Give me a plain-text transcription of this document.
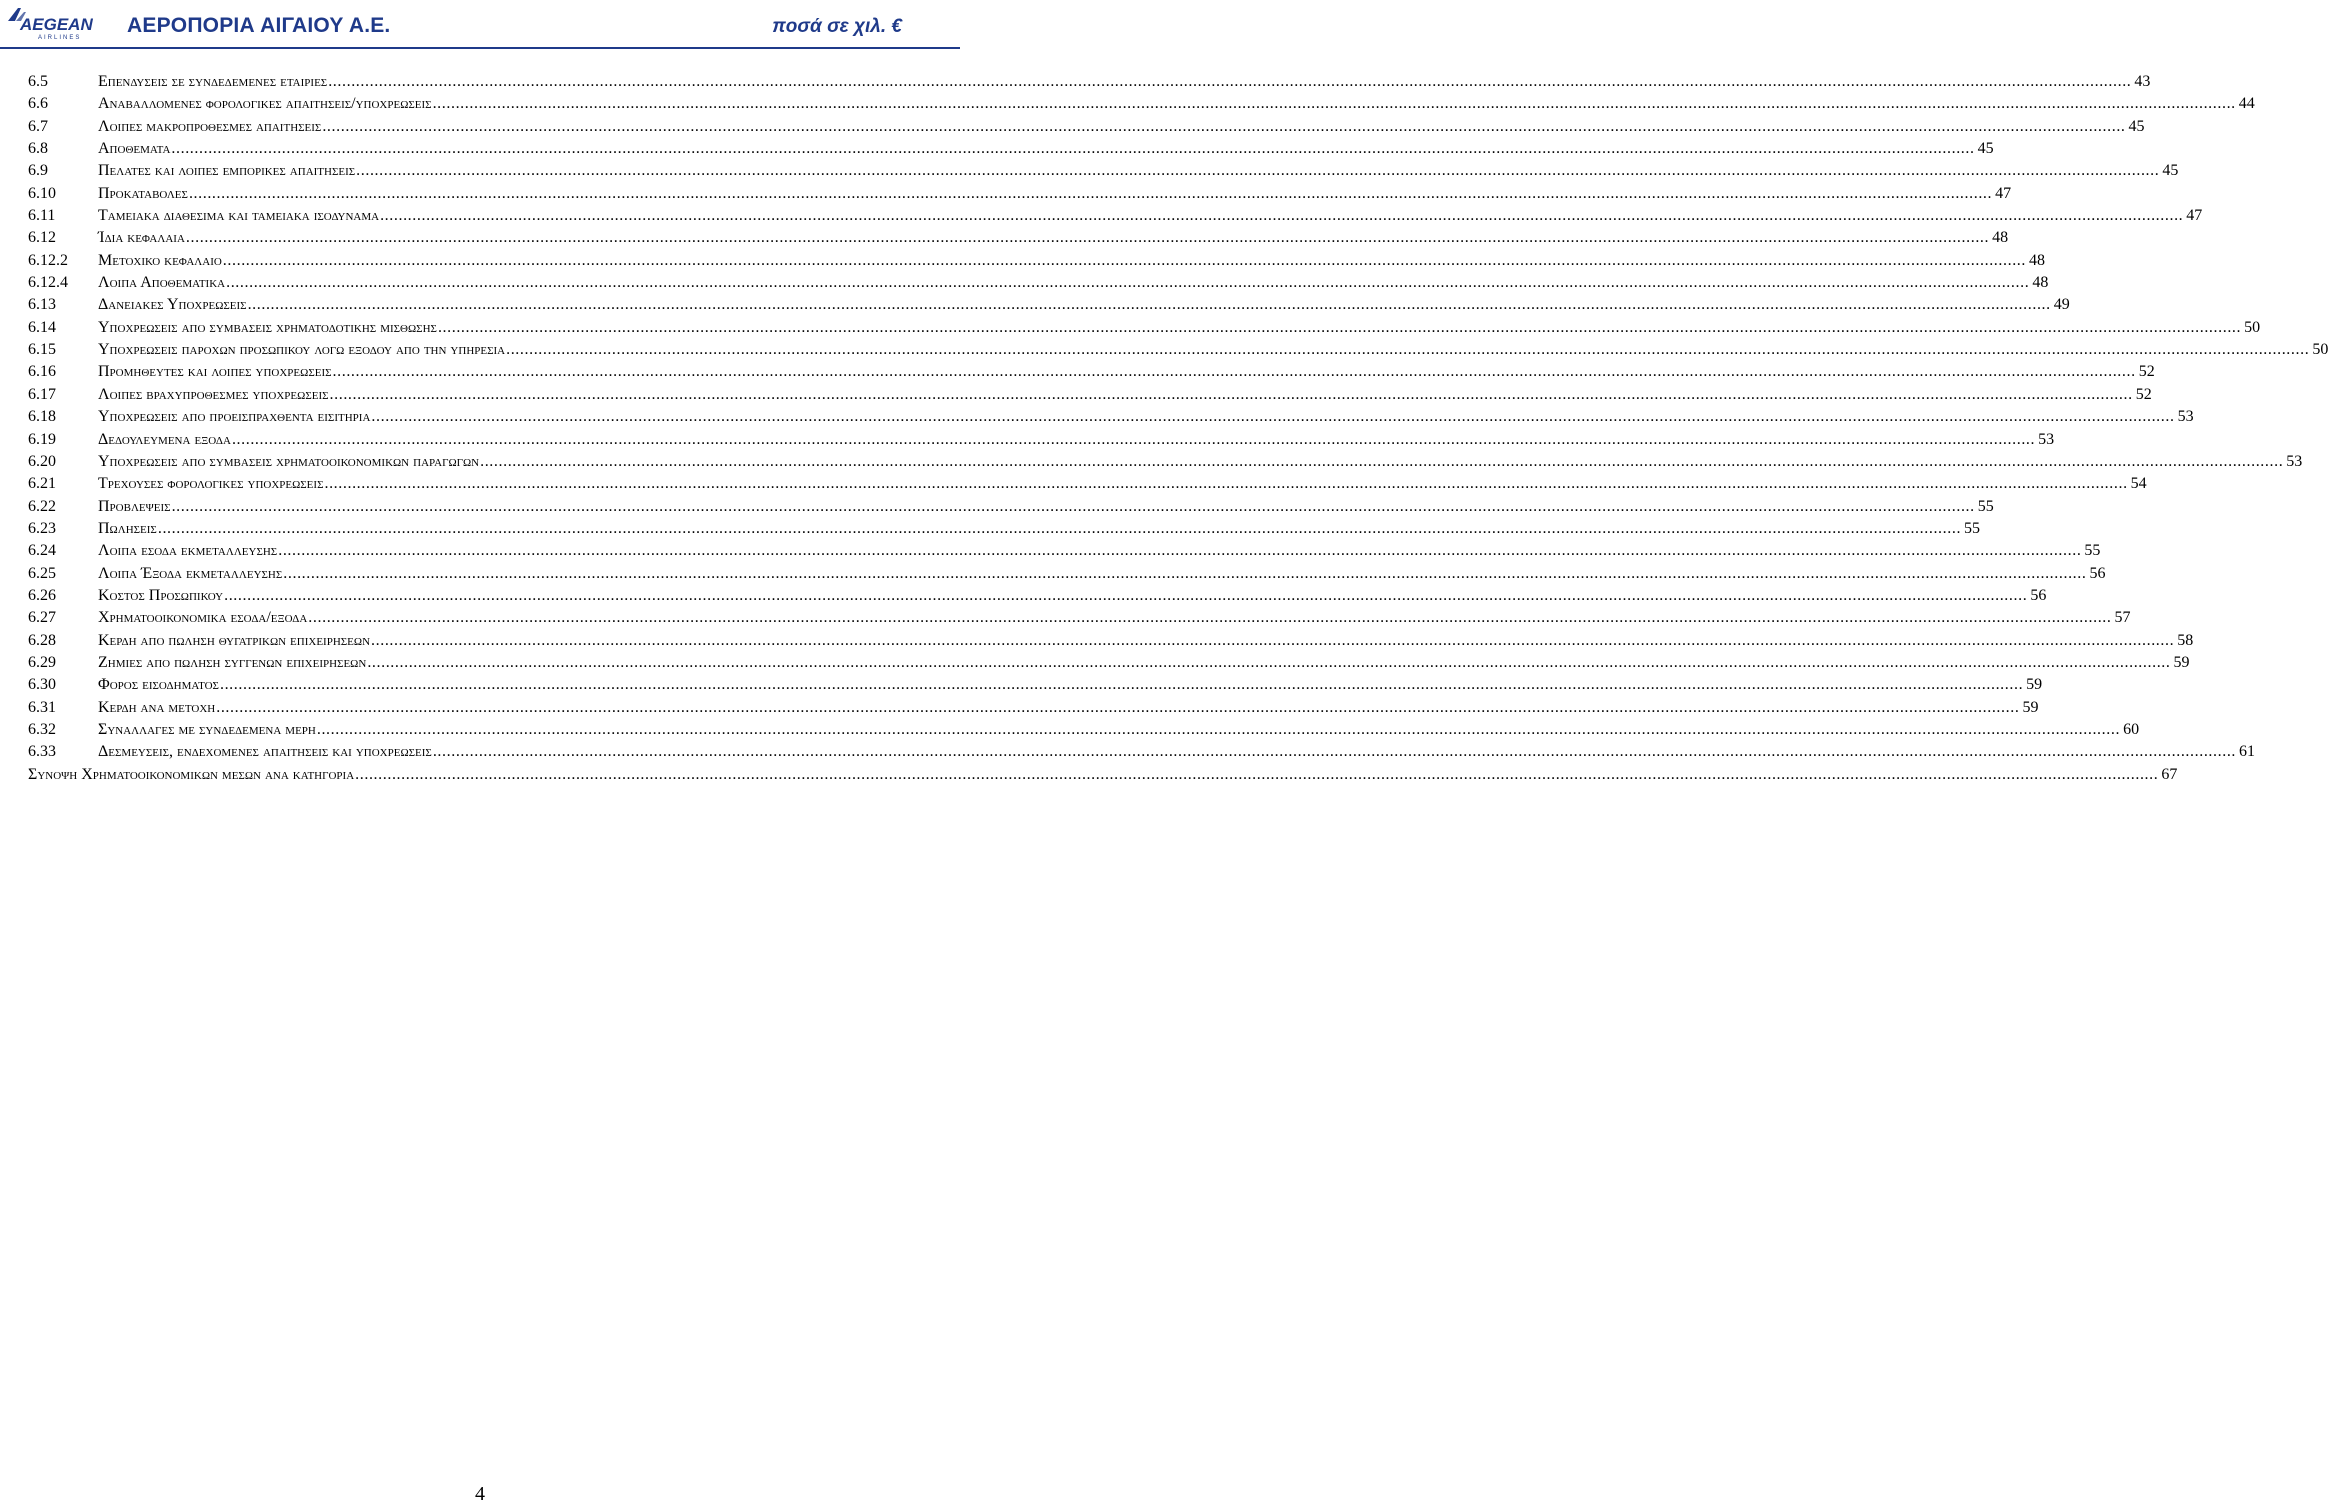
AEGEAN
AIRLINES
ΑΕΡΟΠΟΡΙΑ ΑΙΓΑΙΟΥ Α.Ε.	ποσά σε χιλ. €
6.5	Επενδυσεις σε συνδεδεμενες εταιριες .....	43
6.6	Αναβαλλομενες φορολογικες απαιτησεις/υποχρεωσεις .....	44
6.7	Λοιπες μακροπροθεσμες απαιτησεις .....	45
6.8	Αποθεματα .....	45
6.9	Πελατες και λοιπες εμπορικες απαιτησεις .....	45
6.10	Προκαταβολες .....	47
6.11	Ταμειακα διαθεσιμα και ταμειακα ισοδυναμα .....	47
6.12	Ίδια κεφαλαια .....	48
6.12.2	Μετοχικο κεφαλαιο .....	48
6.12.4	Λοιπα Αποθεματικα .....	48
6.13	Δανειακες Υποχρεωσεις .....	49
6.14	Υποχρεωσεις απο συμβασεις χρηματοδοτικης μισθωσης .....	50
6.15	Υποχρεωσεις παροχων προσωπικου λογω εξοδου απο την υπηρεσια .....	50
6.16	Προμηθευτες και λοιπες υποχρεωσεις .....	52
6.17	Λοιπες βραχυπροθεσμες υποχρεωσεις .....	52
6.18	Υποχρεωσεις απο προεισπραχθεντα εισιτηρια .....	53
6.19	Δεδουλευμενα εξοδα .....	53
6.20	Υποχρεωσεις απο συμβασεις χρηματοοικονομικων παραγωγων .....	53
6.21	Τρεχουσες φορολογικες υποχρεωσεις .....	54
6.22	Προβλεψεις .....	55
6.23	Πωλησεις .....	55
6.24	Λοιπα εσοδα εκμεταλλευσης .....	55
6.25	Λοιπα Έξοδα εκμεταλλευσης .....	56
6.26	Κοστος Προσωπικου .....	56
6.27	Χρηματοοικονομικα εσοδα/εξοδα .....	57
6.28	Κερδη απο πωληση θυγατρικων επιχειρησεων .....	58
6.29	Ζημιες απο πωληση συγγενων επιχειρησεων .....	59
6.30	Φορος εισοδηματος .....	59
6.31	Κερδη ανα μετοχη .....	59
6.32	Συναλλαγες με συνδεδεμενα μερη .....	60
6.33	Δεσμευσεις, ενδεχομενες απαιτησεις και υποχρεωσεις .....	61
Συνοψη Χρηματοοικονομικων μεσων ανα κατηγορια .....	67
4
